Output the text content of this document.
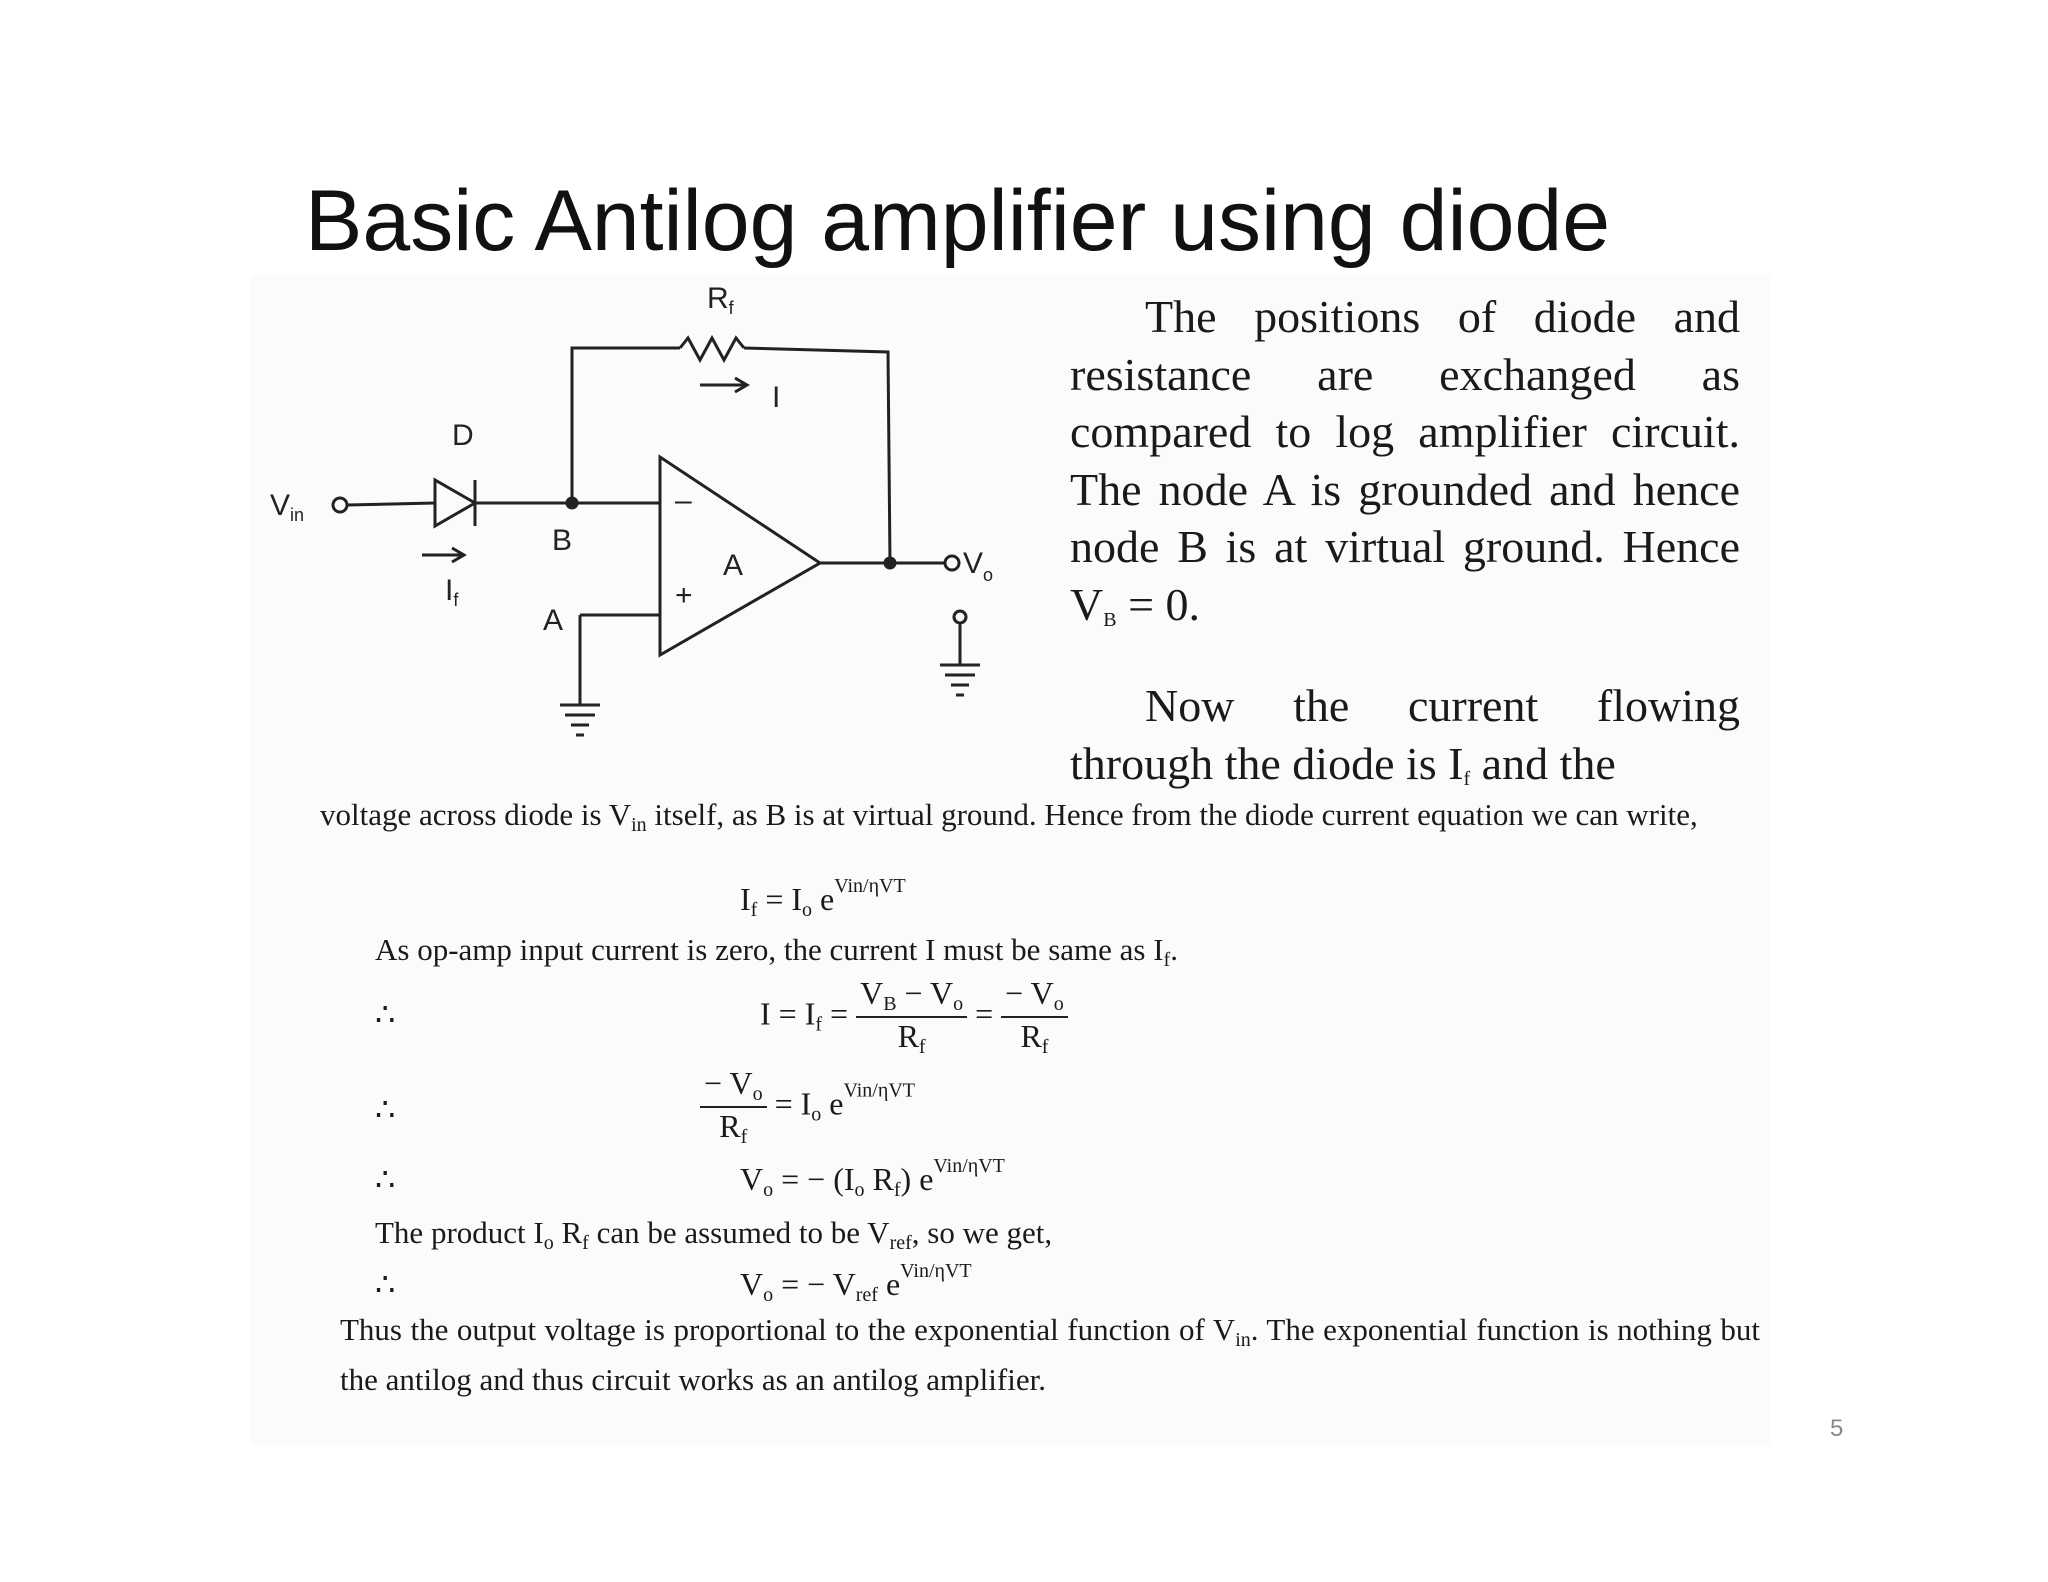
Basic Antilog amplifier using diode
$R_f$
I
D
$V_{in}$
B
$I_f$
A
A
–
+
$V_o$

The positions of diode and resistance are exchanged as compared to log amplifier circuit. The node A is grounded and hence node B is at virtual ground. Hence $V_B = 0$.

Now the current flowing through the diode is $I_f$ and the

voltage across diode is $V_{in}$ itself, as B is at virtual ground. Hence from the diode current equation we can write,
$I_f = I_o$ $e^{Vin/\eta VT}$
As op-amp input current is zero, the current I must be same as $I_f$.
∴	$I = I_f = \frac{V_B - V_o}{R_f} = \frac{- V_o}{R_f}$
∴	$\frac{- V_o}{R_f} = I_o$ $e^{Vin/\eta VT}$
∴	$V_o$ = − ($I_o$ $R_f$) $e^{Vin/\eta VT}$
The product $I_o$ $R_f$ can be assumed to be $V_{ref}$, so we get,
∴	$V_o$ = − $V_{ref}$ $e^{Vin/\eta VT}$
Thus the output voltage is proportional to the exponential function of $V_{in}$. The exponential function is nothing but the antilog and thus circuit works as an antilog amplifier.
5
